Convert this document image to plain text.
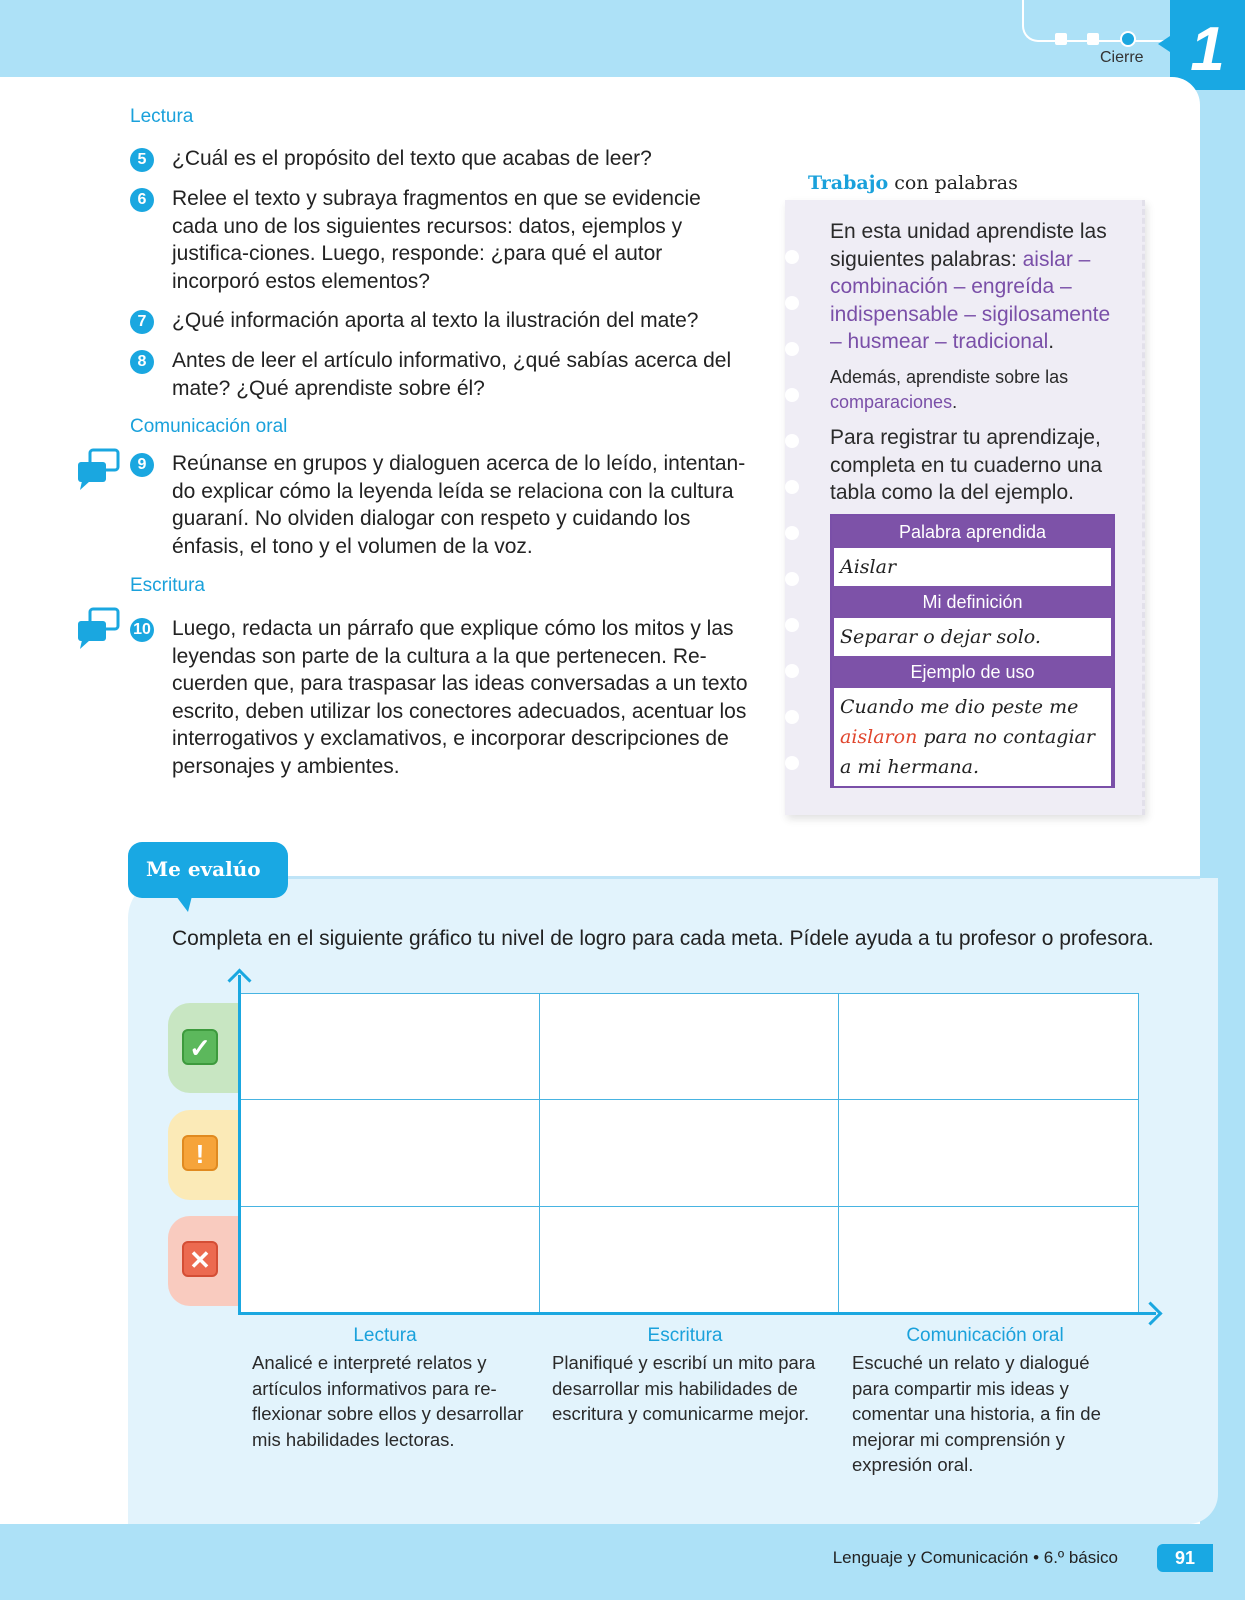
Cierre 1
Lectura
5	¿Cuál es el propósito del texto que acabas de leer?
6	Relee el texto y subraya fragmentos en que se evidencie cada uno de los siguientes recursos: datos, ejemplos y justifica-ciones. Luego, responde: ¿para qué el autor incorporó estos elementos?
7	¿Qué información aporta al texto la ilustración del mate?
8	Antes de leer el artículo informativo, ¿qué sabías acerca del mate? ¿Qué aprendiste sobre él?
Comunicación oral
9	Reúnanse en grupos y dialoguen acerca de lo leído, intentan-do explicar cómo la leyenda leída se relaciona con la cultura guaraní. No olviden dialogar con respeto y cuidando los énfasis, el tono y el volumen de la voz.
Escritura
10 Luego, redacta un párrafo que explique cómo los mitos y las leyendas son parte de la cultura a la que pertenecen. Re-cuerden que, para traspasar las ideas conversadas a un texto escrito, deben utilizar los conectores adecuados, acentuar los interrogativos y exclamativos, e incorporar descripciones de personajes y ambientes.
Trabajo con palabras
En esta unidad aprendiste las siguientes palabras: aislar – combinación – engreída – indispensable – sigilosamente – husmear – tradicional.
Además, aprendiste sobre las comparaciones.
Para registrar tu aprendizaje, completa en tu cuaderno una tabla como la del ejemplo.
Palabra aprendida
Aislar
Mi definición
Separar o dejar solo.
Ejemplo de uso
Cuando me dio peste me aislaron para no contagiar a mi hermana.
Me evalúo
Completa en el siguiente gráfico tu nivel de logro para cada meta. Pídele ayuda a tu profesor o profesora.
✓
!
✕
Lectura
Analicé e interpreté relatos y artículos informativos para re-flexionar sobre ellos y desarrollar mis habilidades lectoras.
Escritura
Planifiqué y escribí un mito para desarrollar mis habilidades de escritura y comunicarme mejor.
Comunicación oral
Escuché un relato y dialogué para compartir mis ideas y comentar una historia, a fin de mejorar mi comprensión y expresión oral.
Lenguaje y Comunicación • 6.º básico	91
